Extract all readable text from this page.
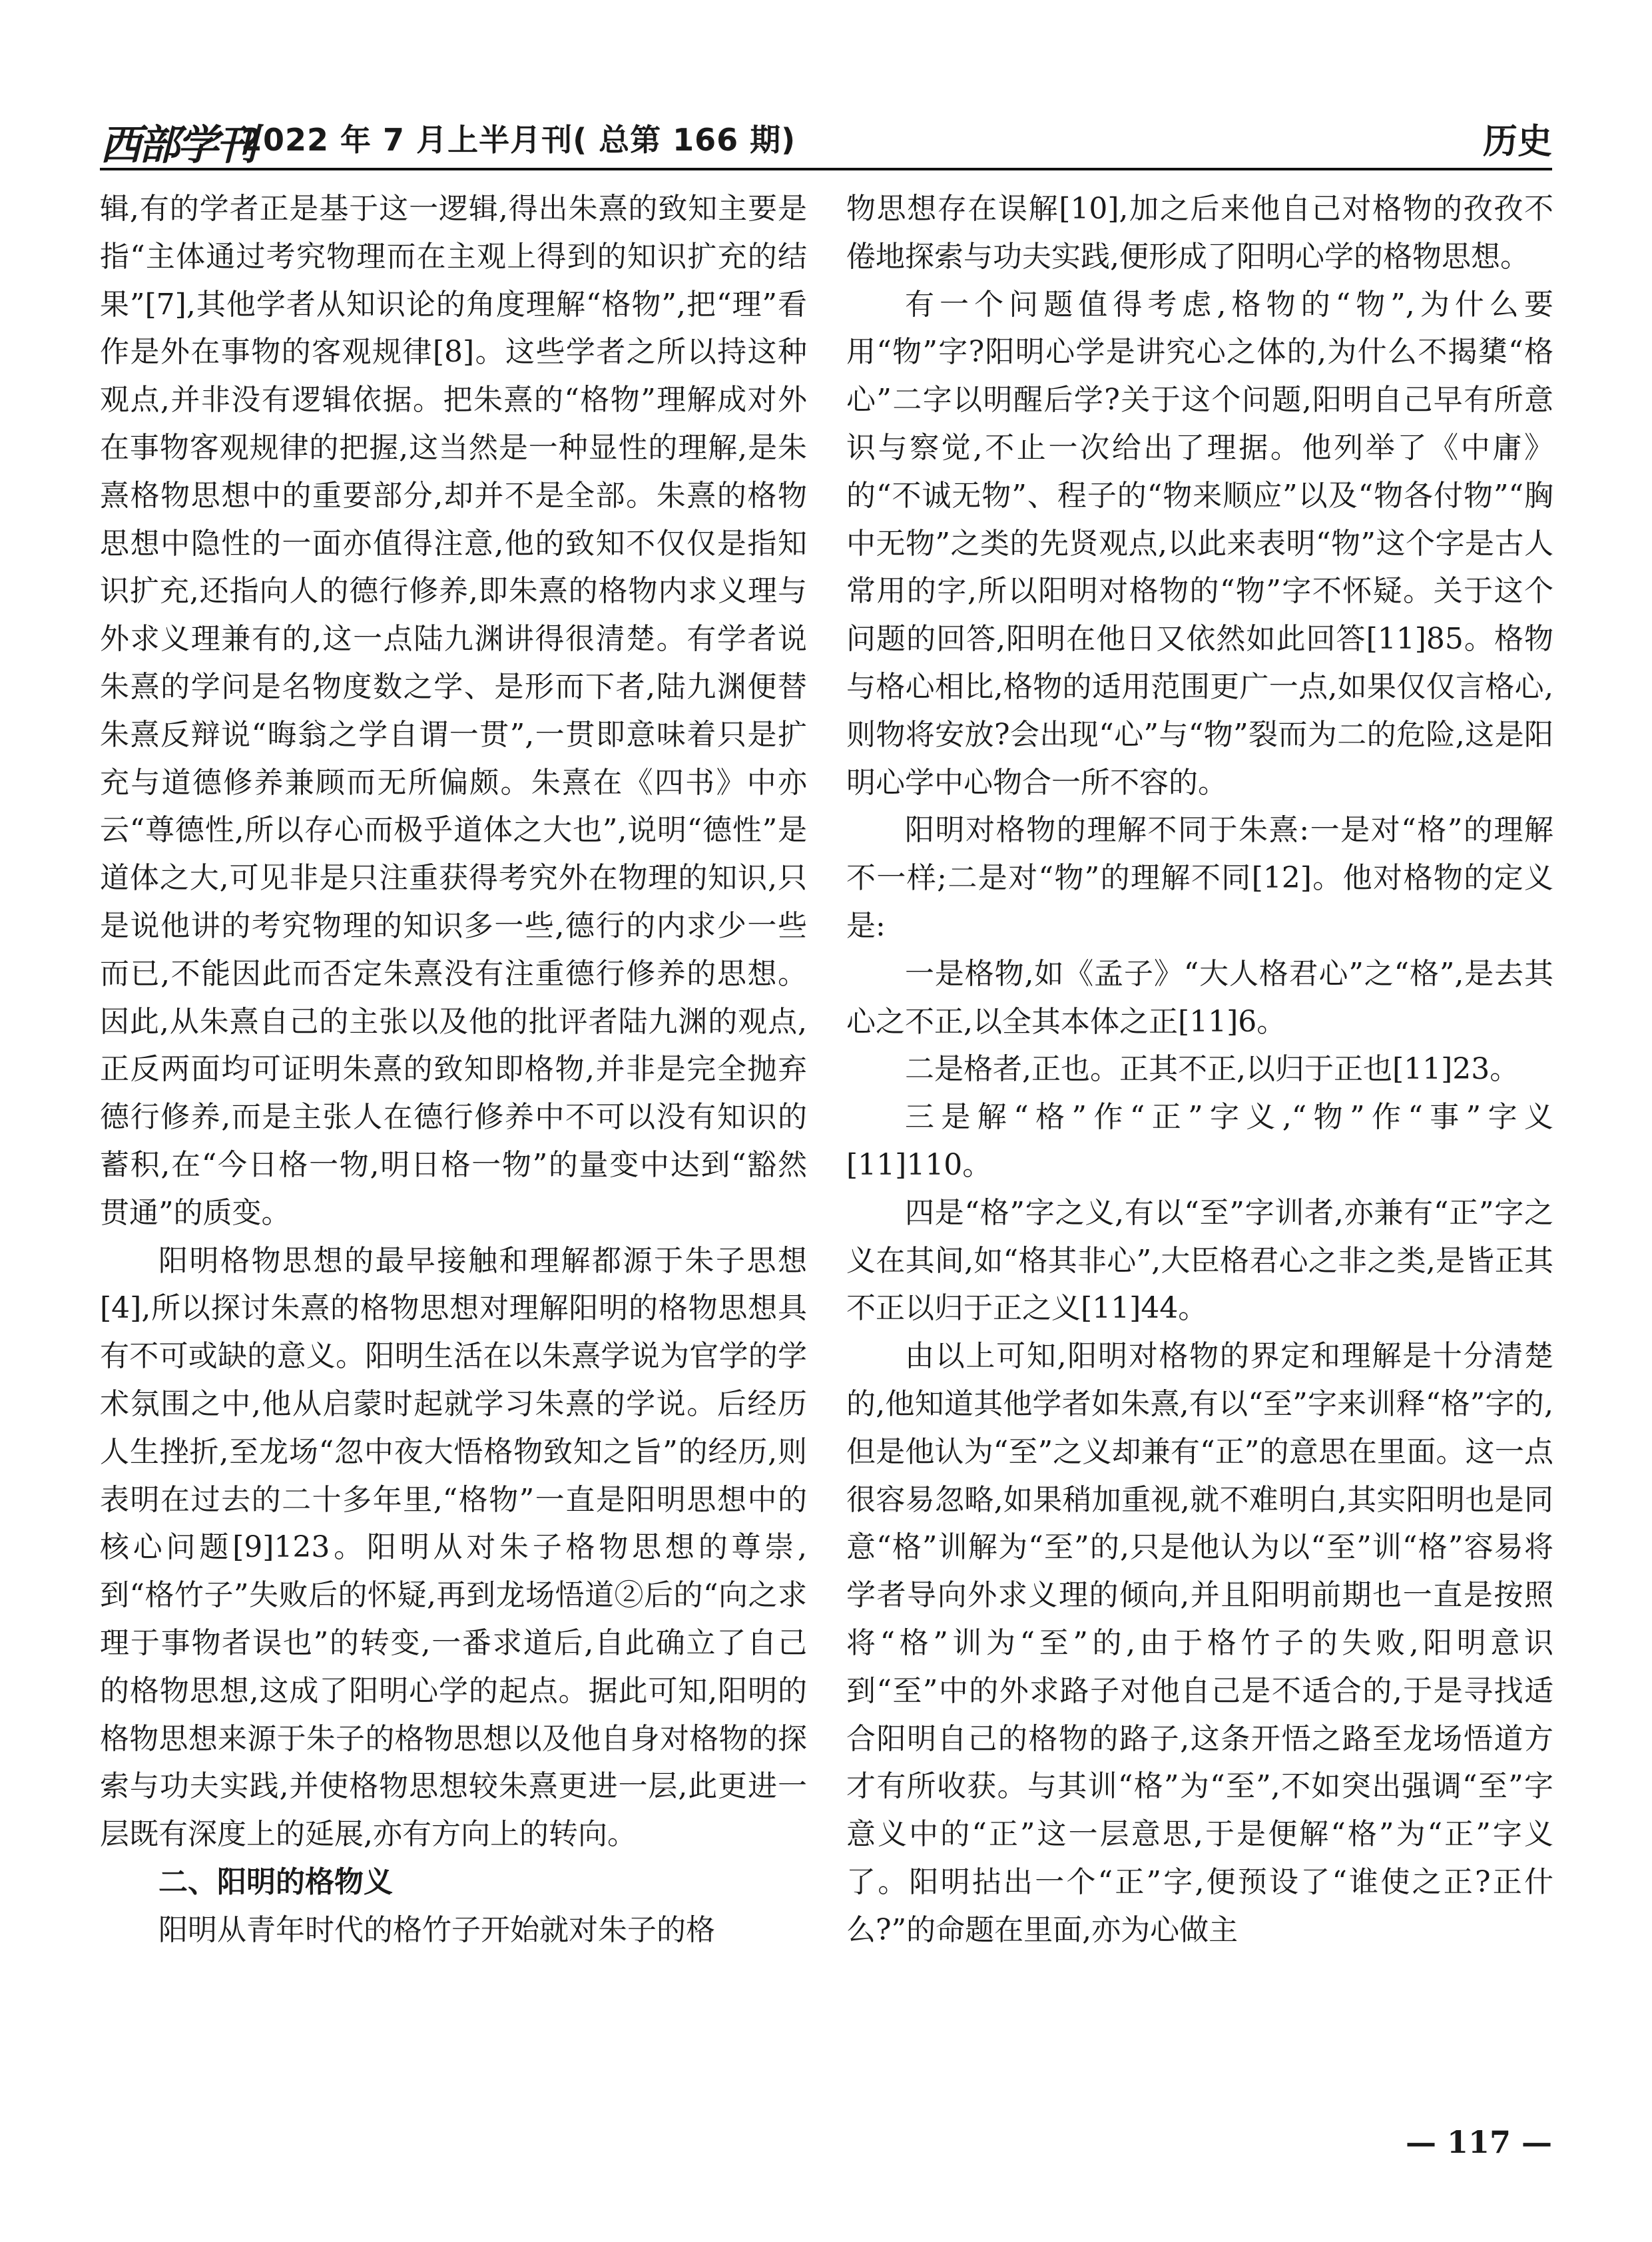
西部学刊
2022 年 7 月上半月刊( 总第 166 期)	历史

辑,有的学者正是基于这一逻辑,得出朱熹的致知主要是指“主体通过考究物理而在主观上得到的知识扩充的结果”[7],其他学者从知识论的角度理解“格物”,把“理”看作是外在事物的客观规律[8]。这些学者之所以持这种观点,并非没有逻辑依据。把朱熹的“格物”理解成对外在事物客观规律的把握,这当然是一种显性的理解,是朱熹格物思想中的重要部分,却并不是全部。朱熹的格物思想中隐性的一面亦值得注意,他的致知不仅仅是指知识扩充,还指向人的德行修养,即朱熹的格物内求义理与外求义理兼有的,这一点陆九渊讲得很清楚。有学者说朱熹的学问是名物度数之学、是形而下者,陆九渊便替朱熹反辩说“晦翁之学自谓一贯”,一贯即意味着只是扩充与道德修养兼顾而无所偏颇。朱熹在《四书》中亦云“尊德性,所以存心而极乎道体之大也”,说明“德性”是道体之大,可见非是只注重获得考究外在物理的知识,只是说他讲的考究物理的知识多一些,德行的内求少一些而已,不能因此而否定朱熹没有注重德行修养的思想。因此,从朱熹自己的主张以及他的批评者陆九渊的观点,正反两面均可证明朱熹的致知即格物,并非是完全抛弃德行修养,而是主张人在德行修养中不可以没有知识的蓄积,在“今日格一物,明日格一物”的量变中达到“豁然贯通”的质变。

阳明格物思想的最早接触和理解都源于朱子思想[4],所以探讨朱熹的格物思想对理解阳明的格物思想具有不可或缺的意义。阳明生活在以朱熹学说为官学的学术氛围之中,他从启蒙时起就学习朱熹的学说。后经历人生挫折,至龙场“忽中夜大悟格物致知之旨”的经历,则表明在过去的二十多年里,“格物”一直是阳明思想中的核心问题[9]123。阳明从对朱子格物思想的尊崇,到“格竹子”失败后的怀疑,再到龙场悟道②后的“向之求理于事物者误也”的转变,一番求道后,自此确立了自己的格物思想,这成了阳明心学的起点。据此可知,阳明的格物思想来源于朱子的格物思想以及他自身对格物的探索与功夫实践,并使格物思想较朱熹更进一层,此更进一层既有深度上的延展,亦有方向上的转向。

二、阳明的格物义

阳明从青年时代的格竹子开始就对朱子的格

物思想存在误解[10],加之后来他自己对格物的孜孜不倦地探索与功夫实践,便形成了阳明心学的格物思想。

有一个问题值得考虑,格物的“物”,为什么要用“物”字?阳明心学是讲究心之体的,为什么不揭橥“格心”二字以明醒后学?关于这个问题,阳明自己早有所意识与察觉,不止一次给出了理据。他列举了《中庸》的“不诚无物”、程子的“物来顺应”以及“物各付物”“胸中无物”之类的先贤观点,以此来表明“物”这个字是古人常用的字,所以阳明对格物的“物”字不怀疑。关于这个问题的回答,阳明在他日又依然如此回答[11]85。格物与格心相比,格物的适用范围更广一点,如果仅仅言格心,则物将安放?会出现“心”与“物”裂而为二的危险,这是阳明心学中心物合一所不容的。

阳明对格物的理解不同于朱熹:一是对“格”的理解不一样;二是对“物”的理解不同[12]。他对格物的定义是:

一是格物,如《孟子》“大人格君心”之“格”,是去其心之不正,以全其本体之正[11]6。

二是格者,正也。正其不正,以归于正也[11]23。

三是解“格”作“正”字义,“物”作“事”字义[11]110。

四是“格”字之义,有以“至”字训者,亦兼有“正”字之义在其间,如“格其非心”,大臣格君心之非之类,是皆正其不正以归于正之义[11]44。

由以上可知,阳明对格物的界定和理解是十分清楚的,他知道其他学者如朱熹,有以“至”字来训释“格”字的,但是他认为“至”之义却兼有“正”的意思在里面。这一点很容易忽略,如果稍加重视,就不难明白,其实阳明也是同意“格”训解为“至”的,只是他认为以“至”训“格”容易将学者导向外求义理的倾向,并且阳明前期也一直是按照将“格”训为“至”的,由于格竹子的失败,阳明意识到“至”中的外求路子对他自己是不适合的,于是寻找适合阳明自己的格物的路子,这条开悟之路至龙场悟道方才有所收获。与其训“格”为“至”,不如突出强调“至”字意义中的“正”这一层意思,于是便解“格”为“正”字义了。阳明拈出一个“正”字,便预设了“谁使之正?正什么?”的命题在里面,亦为心做主

— 117 —
